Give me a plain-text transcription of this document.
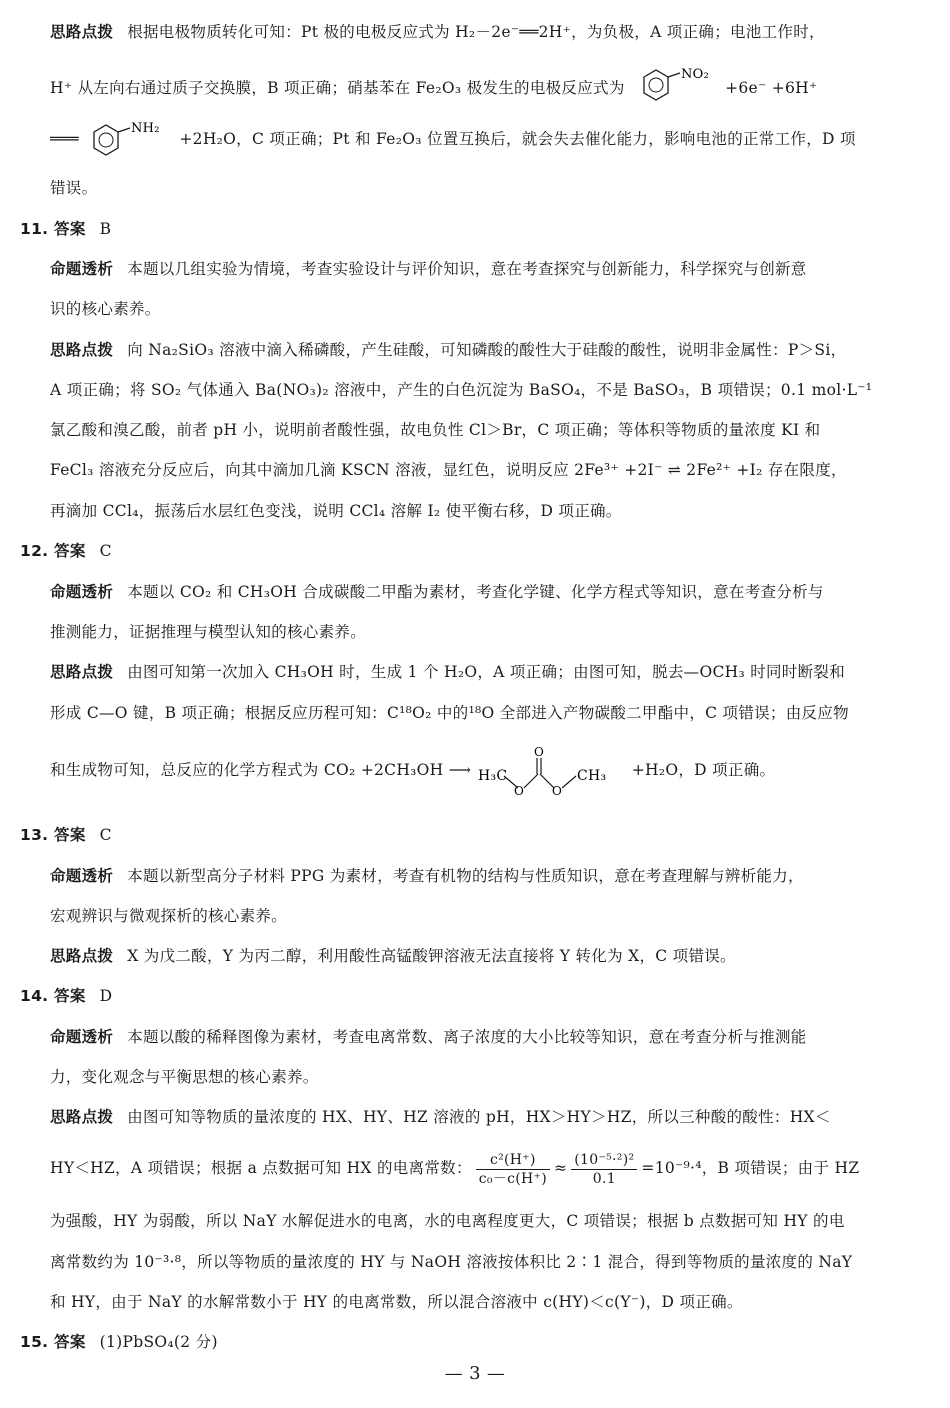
思路点拨 根据电极物质转化可知：Pt 极的电极反应式为 H₂－2e⁻══2H⁺，为负极，A 项正确；电池工作时，
H⁺ 从左向右通过质子交换膜，B 项正确；硝基苯在 Fe₂O₃ 极发生的电极反应式为
NO₂
+6e⁻ +6H⁺
═══
NH₂
+2H₂O，C 项正确；Pt 和 Fe₂O₃ 位置互换后，就会失去催化能力，影响电池的正常工作，D 项
错误。
11. 答案 B
命题透析 本题以几组实验为情境，考查实验设计与评价知识，意在考查探究与创新能力，科学探究与创新意
识的核心素养。
思路点拨 向 Na₂SiO₃ 溶液中滴入稀磷酸，产生硅酸，可知磷酸的酸性大于硅酸的酸性，说明非金属性：P＞Si，
A 项正确；将 SO₂ 气体通入 Ba(NO₃)₂ 溶液中，产生的白色沉淀为 BaSO₄，不是 BaSO₃，B 项错误；0.1 mol·L⁻¹
氯乙酸和溴乙酸，前者 pH 小，说明前者酸性强，故电负性 Cl＞Br，C 项正确；等体积等物质的量浓度 KI 和
FeCl₃ 溶液充分反应后，向其中滴加几滴 KSCN 溶液，显红色，说明反应 2Fe³⁺ +2I⁻ ⇌ 2Fe²⁺ +I₂ 存在限度，
再滴加 CCl₄，振荡后水层红色变浅，说明 CCl₄ 溶解 I₂ 使平衡右移，D 项正确。
12. 答案 C
命题透析 本题以 CO₂ 和 CH₃OH 合成碳酸二甲酯为素材，考查化学键、化学方程式等知识，意在考查分析与
推测能力，证据推理与模型认知的核心素养。
思路点拨 由图可知第一次加入 CH₃OH 时，生成 1 个 H₂O，A 项正确；由图可知，脱去—OCH₃ 时同时断裂和
形成 C—O 键，B 项正确；根据反应历程可知：C¹⁸O₂ 中的¹⁸O 全部进入产物碳酸二甲酯中，C 项错误；由反应物
和生成物可知，总反应的化学方程式为 CO₂ +2CH₃OH ⟶ H₃C
O
O
O
CH₃ +H₂O，D 项正确。
13. 答案 C
命题透析 本题以新型高分子材料 PPG 为素材，考查有机物的结构与性质知识，意在考查理解与辨析能力，
宏观辨识与微观探析的核心素养。
思路点拨 X 为戊二酸，Y 为丙二醇，利用酸性高锰酸钾溶液无法直接将 Y 转化为 X，C 项错误。
14. 答案 D
命题透析 本题以酸的稀释图像为素材，考查电离常数、离子浓度的大小比较等知识，意在考查分析与推测能
力，变化观念与平衡思想的核心素养。
思路点拨 由图可知等物质的量浓度的 HX、HY、HZ 溶液的 pH，HX＞HY＞HZ，所以三种酸的酸性：HX＜
HY＜HZ，A 项错误；根据 a 点数据可知 HX 的电离常数： $\frac{\text{c²(H⁺)}}{\text{c₀－c(H⁺)}} \approx \frac{\text{(10⁻⁵·²)²}}{0.1} =10^{-9}\cdot^4$，B 项错误；由于 HZ
为强酸，HY 为弱酸，所以 NaY 水解促进水的电离，水的电离程度更大，C 项错误；根据 b 点数据可知 HY 的电
离常数约为 10⁻³·⁸，所以等物质的量浓度的 HY 与 NaOH 溶液按体积比 2∶1 混合，得到等物质的量浓度的 NaY
和 HY，由于 NaY 的水解常数小于 HY 的电离常数，所以混合溶液中 c(HY)＜c(Y⁻)，D 项正确。
15. 答案 (1)PbSO₄(2 分)
— 3 —
